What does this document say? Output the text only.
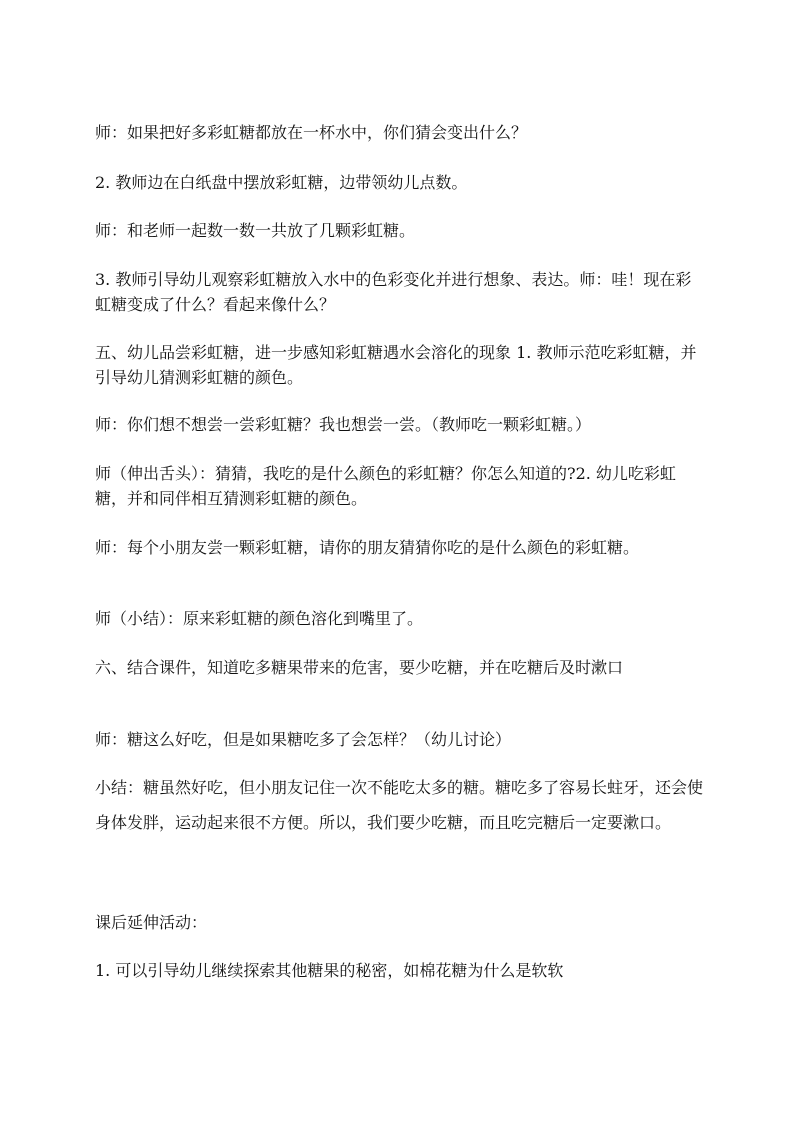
师：如果把好多彩虹糖都放在一杯水中，你们猜会变出什么？

2. 教师边在白纸盘中摆放彩虹糖，边带领幼儿点数。

师：和老师一起数一数一共放了几颗彩虹糖。

3. 教师引导幼儿观察彩虹糖放入水中的色彩变化并进行想象、表达。师：哇！现在彩虹糖变成了什么？看起来像什么？

五、幼儿品尝彩虹糖，进一步感知彩虹糖遇水会溶化的现象 1. 教师示范吃彩虹糖，并引导幼儿猜测彩虹糖的颜色。

师：你们想不想尝一尝彩虹糖？我也想尝一尝。（教师吃一颗彩虹糖。）

师（伸出舌头）：猜猜，我吃的是什么颜色的彩虹糖？你怎么知道的?2. 幼儿吃彩虹糖，并和同伴相互猜测彩虹糖的颜色。

师：每个小朋友尝一颗彩虹糖，请你的朋友猜猜你吃的是什么颜色的彩虹糖。

师（小结）：原来彩虹糖的颜色溶化到嘴里了。

六、结合课件，知道吃多糖果带来的危害，要少吃糖，并在吃糖后及时漱口

师：糖这么好吃，但是如果糖吃多了会怎样？（幼儿讨论）

小结：糖虽然好吃，但小朋友记住一次不能吃太多的糖。糖吃多了容易长蛀牙，还会使身体发胖，运动起来很不方便。所以，我们要少吃糖，而且吃完糖后一定要漱口。

课后延伸活动：

1. 可以引导幼儿继续探索其他糖果的秘密，如棉花糖为什么是软软
